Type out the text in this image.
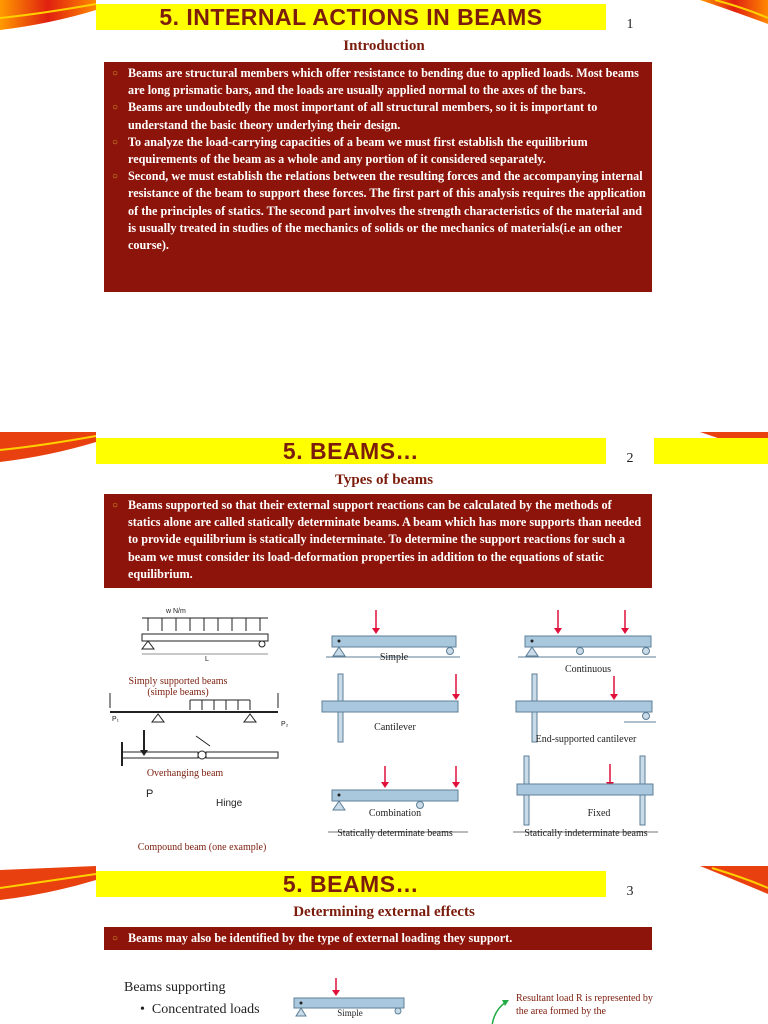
5. INTERNAL ACTIONS IN BEAMS	1
Introduction
○ Beams are structural members which offer resistance to bending due to applied loads. Most beams are long prismatic bars, and the loads are usually applied normal to the axes of the bars.
○ Beams are undoubtedly the most important of all structural members, so it is important to understand the basic theory underlying their design.
○ To analyze the load-carrying capacities of a beam we must first establish the equilibrium requirements of the beam as a whole and any portion of it considered separately.
○ Second, we must establish the relations between the resulting forces and the accompanying internal resistance of the beam to support these forces. The first part of this analysis requires the application of the principles of statics. The second part involves the strength characteristics of the material and is usually treated in studies of the mechanics of solids or the mechanics of materials(i.e an other course).
5. BEAMS…	2
Types of beams
○ Beams supported so that their external support reactions can be calculated by the methods of statics alone are called statically determinate beams. A beam which has more supports than needed to provide equilibrium is statically indeterminate. To determine the support reactions for such a beam we must consider its load-deformation properties in addition to the equations of static equilibrium.
w N/m
L
Simply supported beams
(simple beams)
P₁
P₂
Overhanging beam
P
Hinge
Compound beam (one example)
Simple
Continuous
Cantilever
End-supported cantilever
Combination	Fixed
Statically determinate beams	Statically indeterminate beams
5. BEAMS…	3
Determining external effects
○ Beams may also be identified by the type of external loading they support.
Beams supporting
•  Concentrated loads	Simple
Resultant load R is represented by the area formed by the
